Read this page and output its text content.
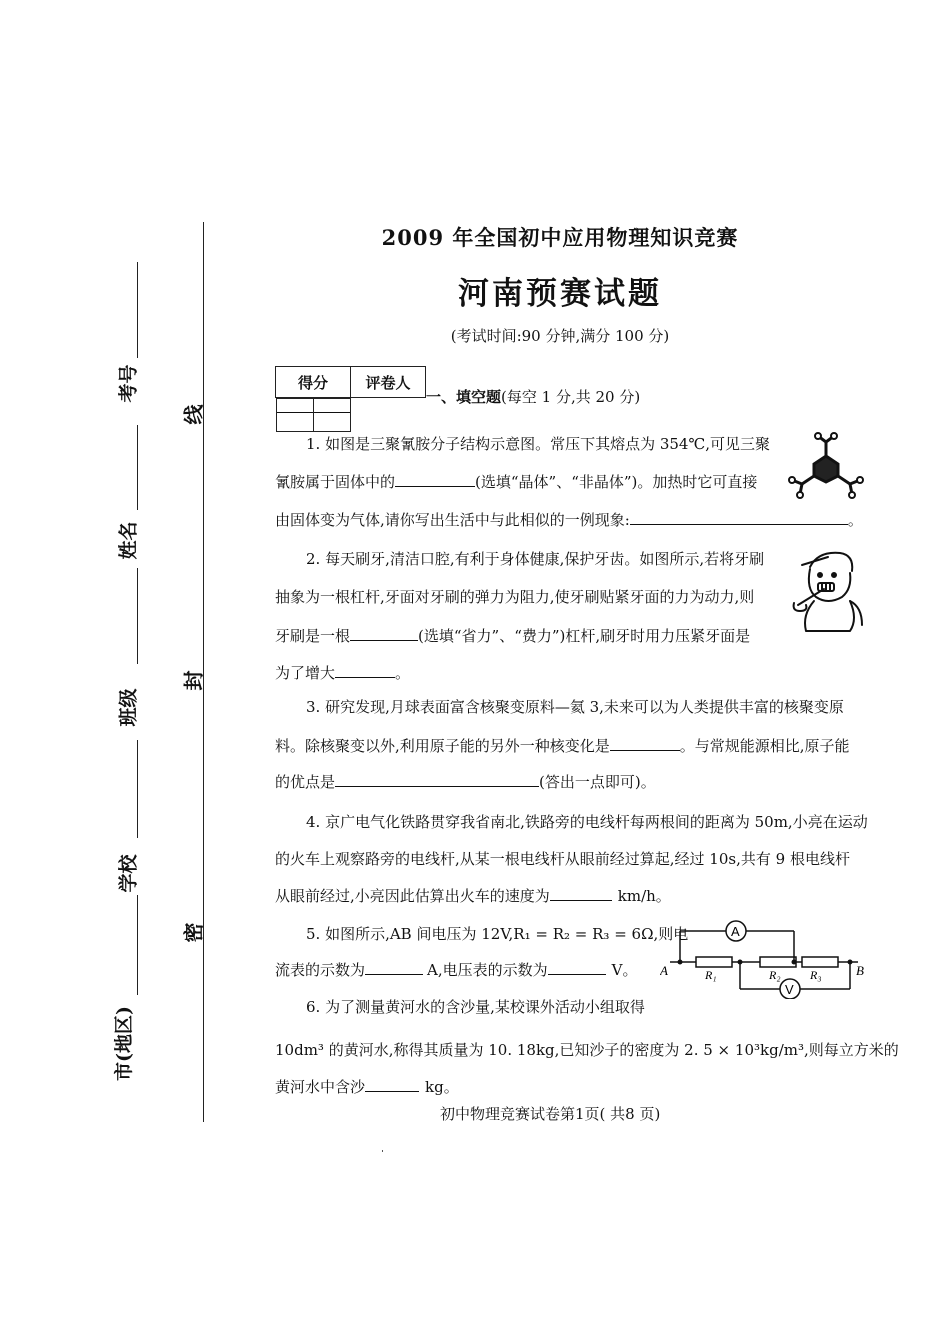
考号
姓名
班级
学校
市(地区)
线
封
密
2009 年全国初中应用物理知识竞赛
河南预赛试题
(考试时间:90 分钟,满分 100 分)
得分	评卷人

一、填空题(每空 1 分,共 20 分)
1. 如图是三聚氰胺分子结构示意图。常压下其熔点为 354℃,可见三聚
氰胺属于固体中的	(选填“晶体”、“非晶体”)。加热时它可直接
由固体变为气体,请你写出生活中与此相似的一例现象:	。
2. 每天刷牙,清洁口腔,有利于身体健康,保护牙齿。如图所示,若将牙刷
抽象为一根杠杆,牙面对牙刷的弹力为阻力,使牙刷贴紧牙面的力为动力,则
牙刷是一根	(选填“省力”、“费力”)杠杆,刷牙时用力压紧牙面是
为了增大	。
3. 研究发现,月球表面富含核聚变原料—氦 3,未来可以为人类提供丰富的核聚变原
料。除核聚变以外,利用原子能的另外一种核变化是	。与常规能源相比,原子能
的优点是	(答出一点即可)。
4. 京广电气化铁路贯穿我省南北,铁路旁的电线杆每两根间的距离为 50m,小亮在运动
的火车上观察路旁的电线杆,从某一根电线杆从眼前经过算起,经过 10s,共有 9 根电线杆
从眼前经过,小亮因此估算出火车的速度为	km/h。
5. 如图所示,AB 间电压为 12V,R₁ = R₂ = R₃ = 6Ω,则电
流表的示数为	A,电压表的示数为	V。 A	B
R₁	R₂ R₃
A
V
6. 为了测量黄河水的含沙量,某校课外活动小组取得
10dm³ 的黄河水,称得其质量为 10. 18kg,已知沙子的密度为 2. 5 × 10³kg/m³,则每立方米的
黄河水中含沙	kg。
初中物理竞赛试卷第1页( 共8 页)
